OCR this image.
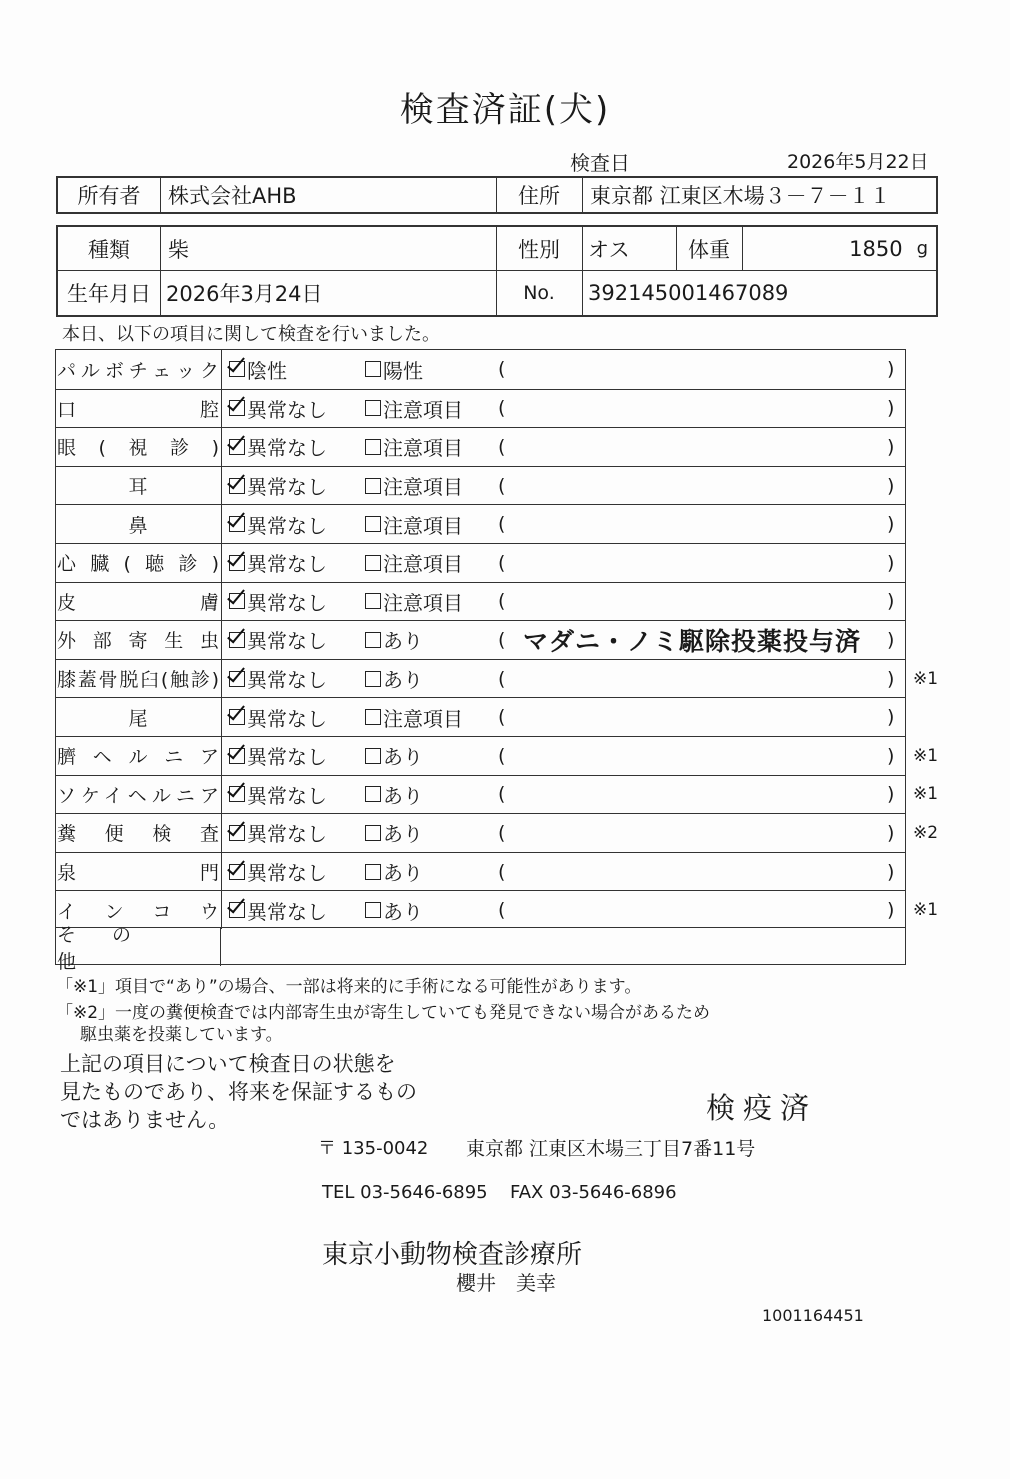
検査済証(犬)
検査日	2026年5月22日
所有者	株式会社AHB	住所	東京都 江東区木場３－７－１１
種類	柴	性別	オス	体重	1850 g
生年月日 2026年3月24日	No.	392145001467089
本日、以下の項目に関して検査を行いました。
パルボチェック 陰性	陽性	(	)
口腔 異常なし	注意項目 (	)
眼(視診) 異常なし	注意項目 (	)
耳	異常なし	注意項目 (	)
鼻	異常なし	注意項目 (	)
心臓(聴診) 異常なし	注意項目 (	)
皮膚 異常なし	注意項目 (	)
外部寄生虫 異常なし	あり	( マダニ・ノミ駆除投薬投与済 )
膝蓋骨脱臼(触診) 異常なし	あり	(	) ※1
尾	異常なし	注意項目 (	)
臍ヘルニア 異常なし	あり	(	) ※1
ソケイヘルニア 異常なし	あり	(	) ※1
糞便検査 異常なし	あり	(	) ※2
泉門 異常なし	あり	(	)
インコウ 異常なし	あり	(	) ※1
その他
「※1」項目で“あり”の場合、一部は将来的に手術になる可能性があります。
「※2」一度の糞便検査では内部寄生虫が寄生していても発見できない場合があるため
駆虫薬を投薬しています。
上記の項目について検査日の状態を
見たものであり、将来を保証するもの
ではありません。	検疫済
〒 135-0042 東京都 江東区木場三丁目7番11号
TEL 03-5646-6895 FAX 03-5646-6896
東京小動物検査診療所
櫻井　美幸
1001164451
